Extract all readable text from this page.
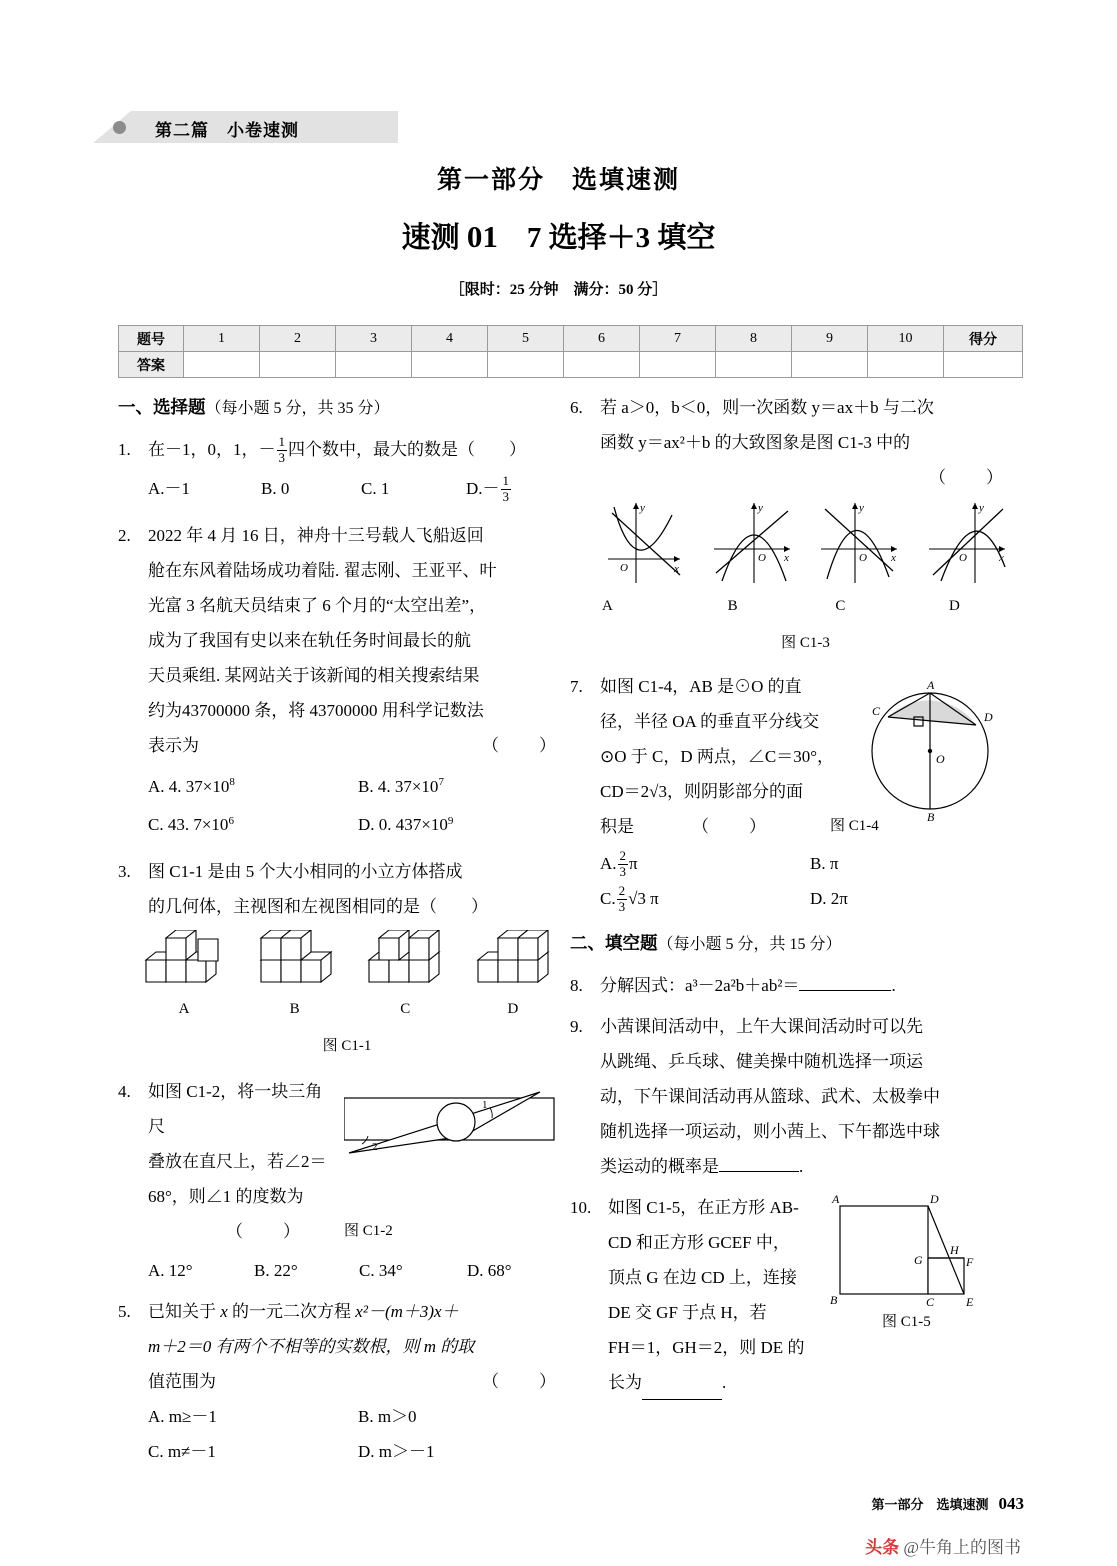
第二篇　小卷速测
第一部分　选填速测
速测 01 7 选择＋3 填空
［限时：25 分钟　满分：50 分］
题号	1	2	3	4	5	6	7	8	9	10	得分
答案											
一、选择题（每小题 5 分，共 35 分）
1.	在－1，0，1，－ $\frac{1}{3}$ 四个数中，最大的数是（　　）
A.－1	B. 0	C. 1	$D.- \frac{1}{3}$
2.	2022 年 4 月 16 日，神舟十三号载人飞船返回
舱在东风着陆场成功着陆. 翟志刚、王亚平、叶
光富 3 名航天员结束了 6 个月的“太空出差”，
成为了我国有史以来在轨任务时间最长的航
天员乘组. 某网站关于该新闻的相关搜索结果
约为43700000 条，将 43700000 用科学记数法
表示为	（　　）
A. 4. $37\times 10^8$	B. 4. $37\times 10^7$
C. 43. $7\times 10^6$	D. 0. $437\times 10^9$
3.	图 C1-1 是由 5 个大小相同的小立方体搭成
的几何体，主视图和左视图相同的是（　　）
A	B	C	D
图 C1-1
4.	如图 C1-2，将一块三角尺
叠放在直尺上，若∠2＝
68°，则∠1 的度数为
（　　）	图 C1-2
2
1
A. 12°	B. 22°	C. 34°	D. 68°
5.	已知关于 x 的一元二次方程 x²－(m＋3)x＋
m＋2＝0 有两个不相等的实数根，则 m 的取
值范围为	（　　）
A. m≥－1	B. m＞0
C. m≠－1	D. m＞－1
6.	若 a＞0，b＜0，则一次函数 y＝ax＋b 与二次
函数 y＝ax²＋b 的大致图象是图 C1-3 中的
（　　）
y
x
O
A
y
x
O
B
y
x
O
C
y
x
O
D
图 C1-3
7.	如图 C1-4，AB 是⊙O 的直
径，半径 OA 的垂直平分线交
⊙O 于 C，D 两点，∠C＝30°，
CD＝2√3，则阴影部分的面
积是	（　　）	图 C1-4
A
B
C	D
O
A. $\frac{2}{3}$ π	B. π
C. $\frac{2}{3} √3$ π	D. 2π
二、填空题（每小题 5 分，共 15 分）
8.	分解因式：a³－2a²b＋ab²＝	.
9.	小茜课间活动中，上午大课间活动时可以先
从跳绳、乒乓球、健美操中随机选择一项运
动，下午课间活动再从篮球、武术、太极拳中
随机选择一项运动，则小茜上、下午都选中球
类运动的概率是	.
10. 如图 C1-5，在正方形 AB-
CD 和正方形 GCEF 中，
顶点 G 在边 CD 上，连接
DE 交 GF 于点 H，若
FH＝1，GH＝2，则 DE 的
长为	.
A
B	C
D
E
F
G
H
图 C1-5
第一部分　选填速测 043
头条 @牛角上的图书
